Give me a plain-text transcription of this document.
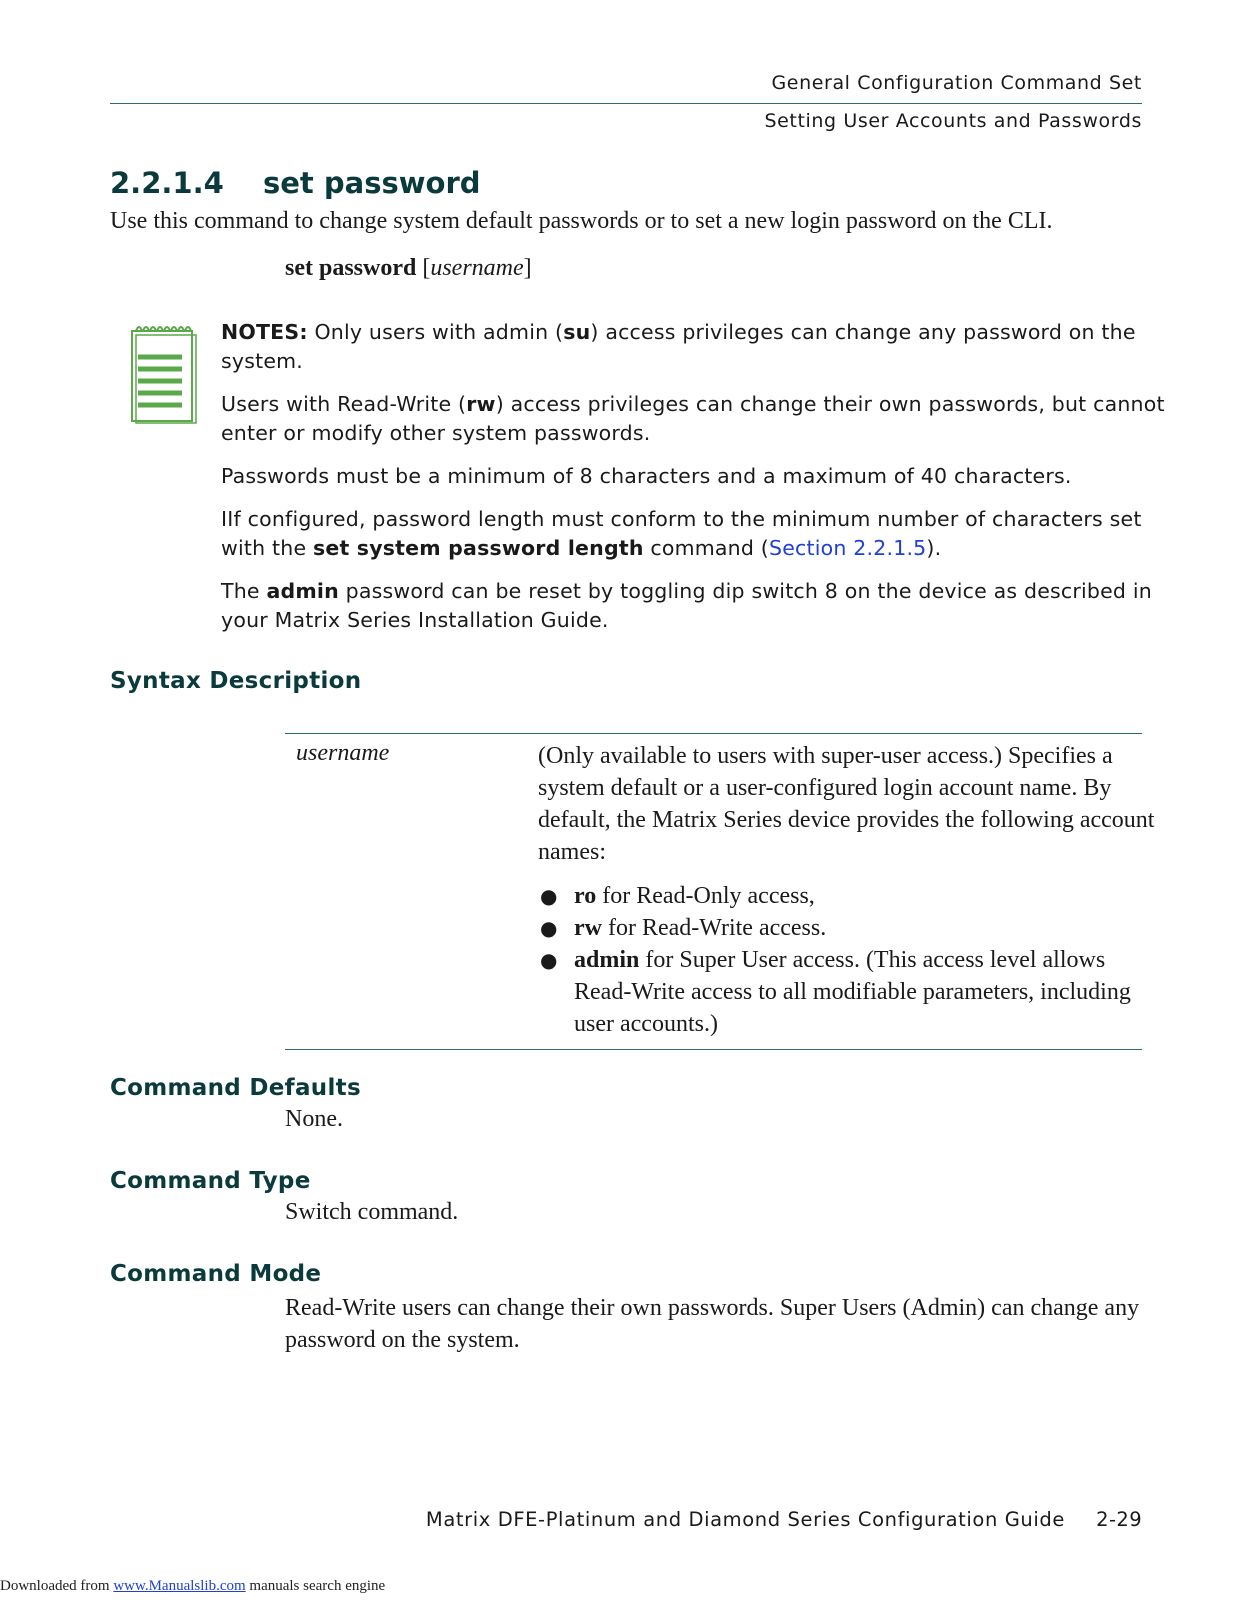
General Configuration Command Set
Setting User Accounts and Passwords
2.2.1.4 set password
Use this command to change system default passwords or to set a new login password on the CLI.
set password [username]

NOTES: Only users with admin (su) access privileges can change any password on the system.

Users with Read-Write (rw) access privileges can change their own passwords, but cannot enter or modify other system passwords.

Passwords must be a minimum of 8 characters and a maximum of 40 characters.

IIf configured, password length must conform to the minimum number of characters set with the set system password length command (Section 2.2.1.5).

The admin password can be reset by toggling dip switch 8 on the device as described in your Matrix Series Installation Guide.

Syntax Description
username	(Only available to users with super-user access.) Specifies a system default or a user-configured login account name. By default, the Matrix Series device provides the following account names:
● ro for Read-Only access,
● rw for Read-Write access.
● admin for Super User access. (This access level allows Read-Write access to all modifiable parameters, including user accounts.)
Command Defaults
None.
Command Type
Switch command.
Command Mode
Read-Write users can change their own passwords. Super Users (Admin) can change any password on the system.
Matrix DFE-Platinum and Diamond Series Configuration Guide 2-29
Downloaded from www.Manualslib.com manuals search engine
